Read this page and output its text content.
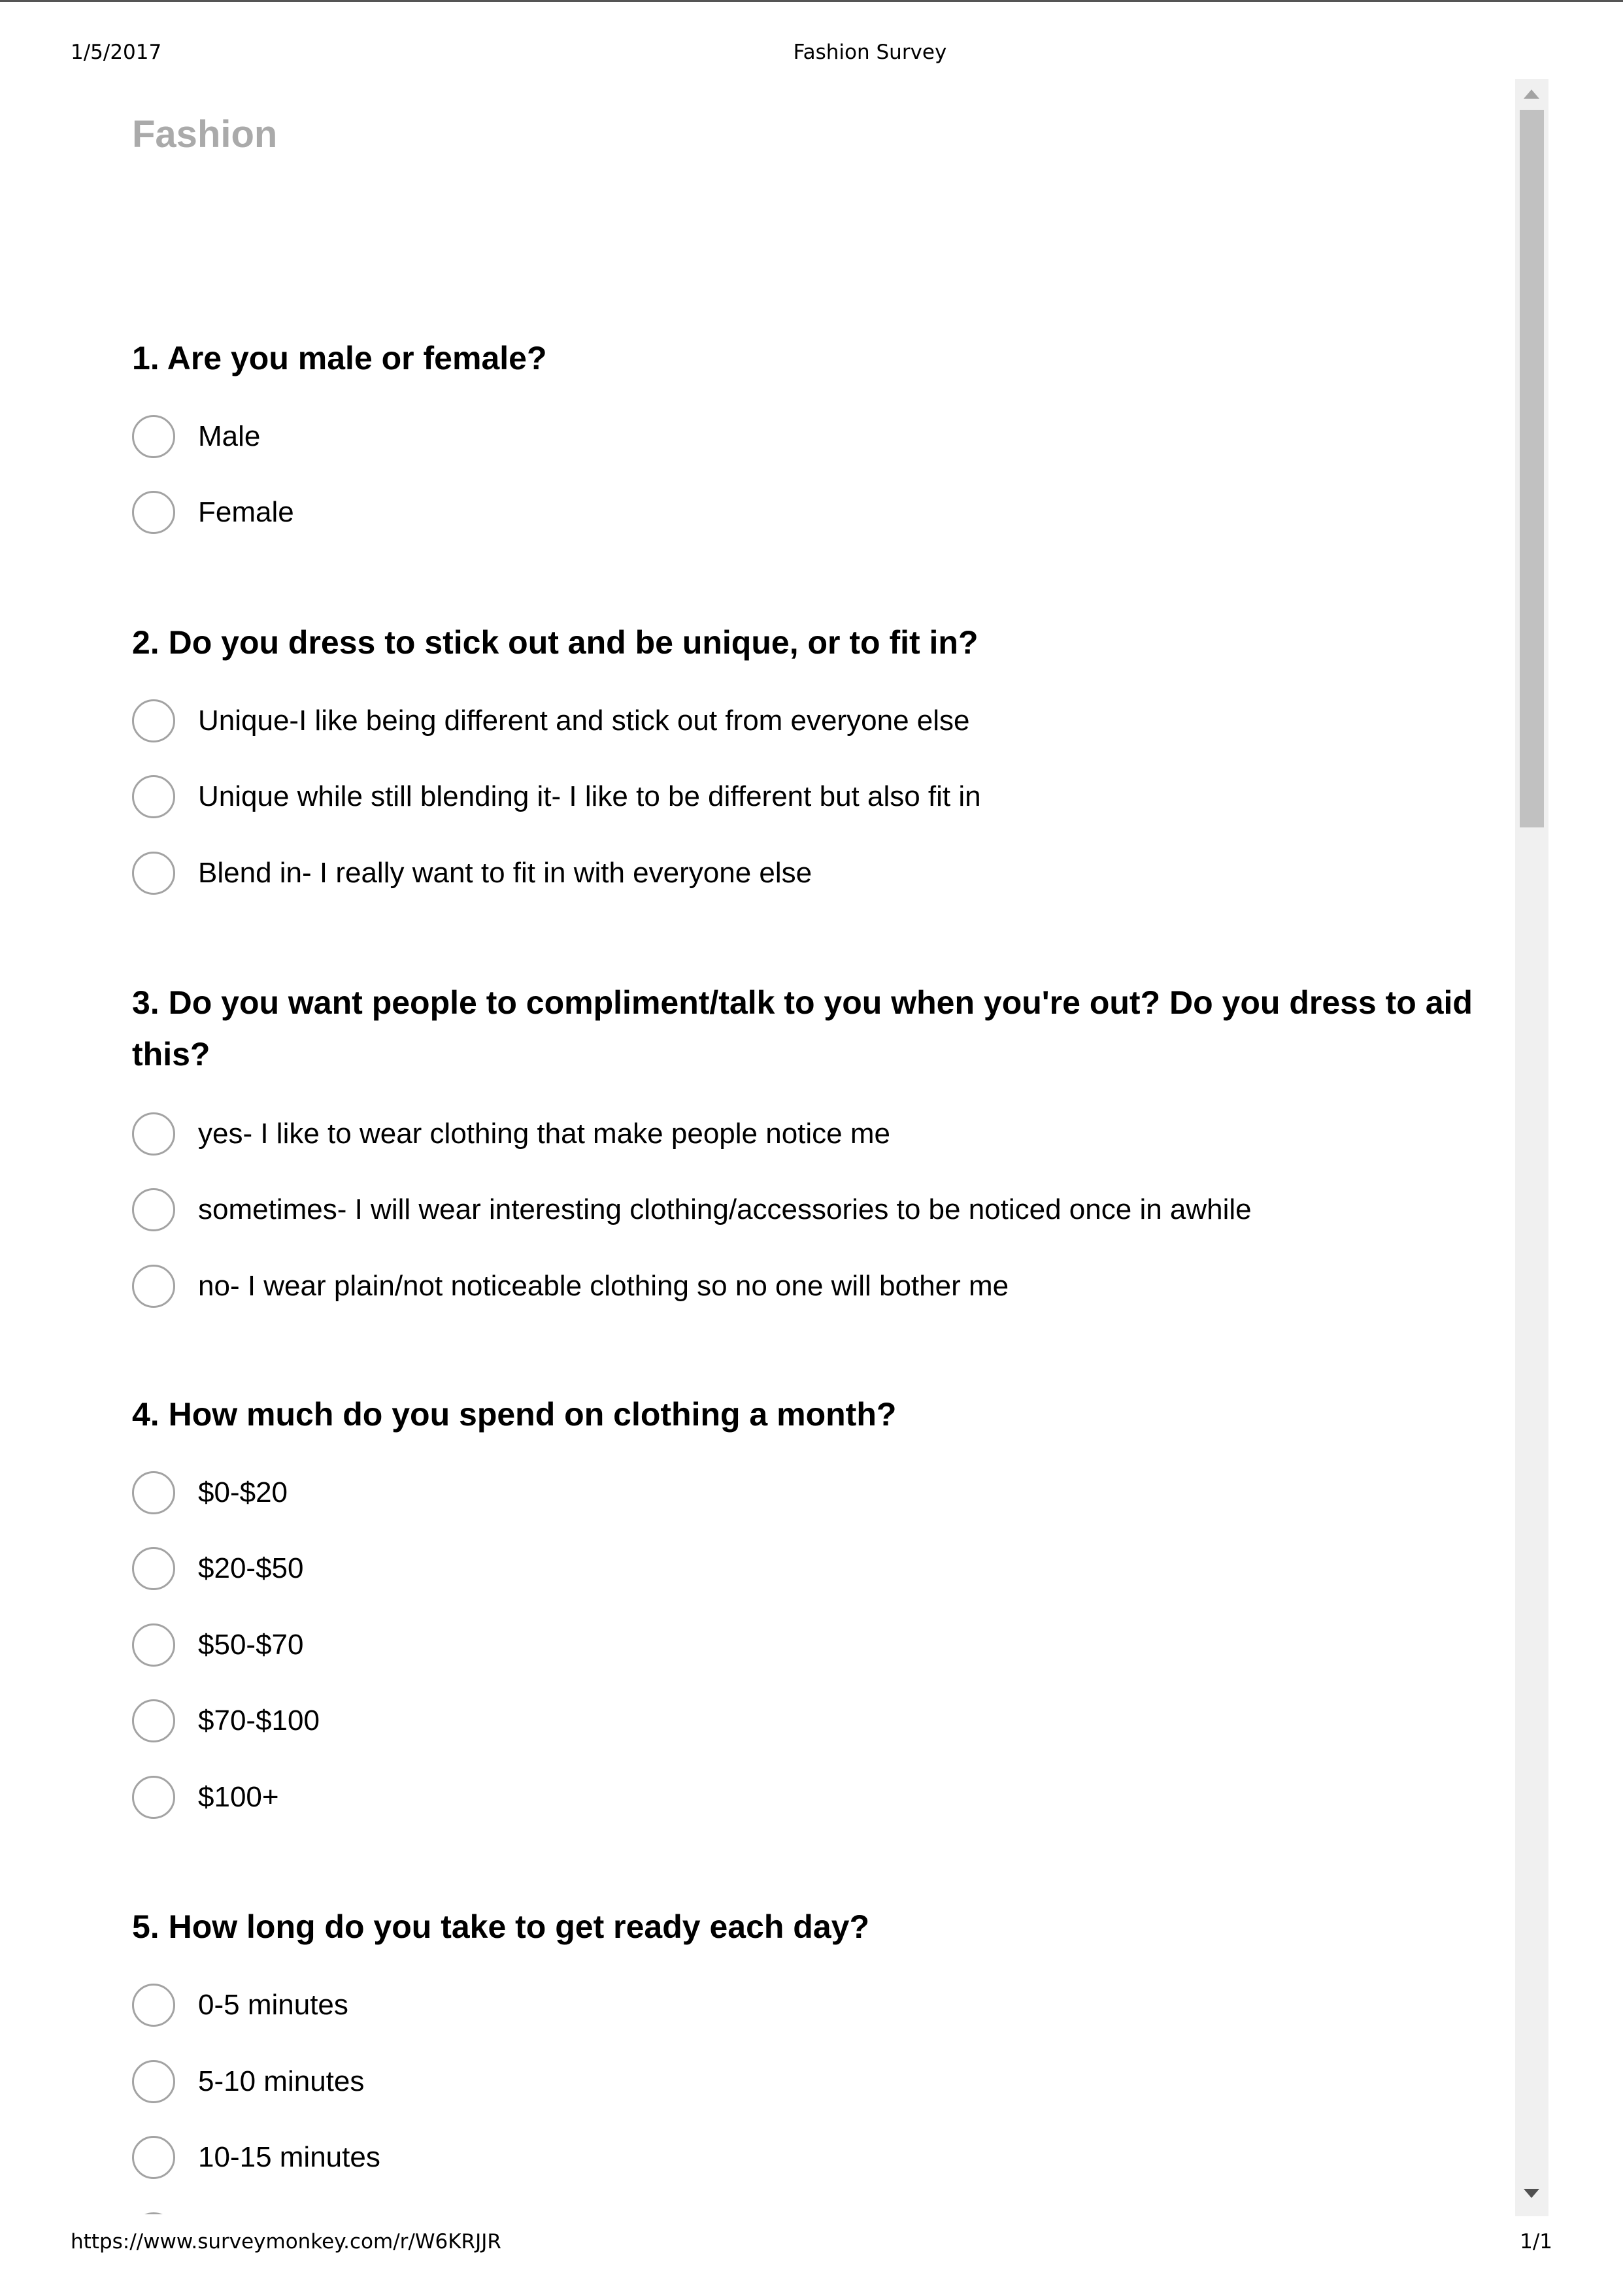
1/5/2017	Fashion Survey
Fashion
1. Are you male or female?
Male
Female
2. Do you dress to stick out and be unique, or to fit in?
Unique-I like being different and stick out from everyone else
Unique while still blending it- I like to be different but also fit in
Blend in- I really want to fit in with everyone else
3. Do you want people to compliment/talk to you when you're out? Do you dress to aid this?
yes- I like to wear clothing that make people notice me
sometimes- I will wear interesting clothing/accessories to be noticed once in awhile
no- I wear plain/not noticeable clothing so no one will bother me
4. How much do you spend on clothing a month?
$0-$20
$20-$50
$50-$70
$70-$100
$100+
5. How long do you take to get ready each day?
0-5 minutes
5-10 minutes
10-15 minutes
https://www.surveymonkey.com/r/W6KRJJR	1/1
